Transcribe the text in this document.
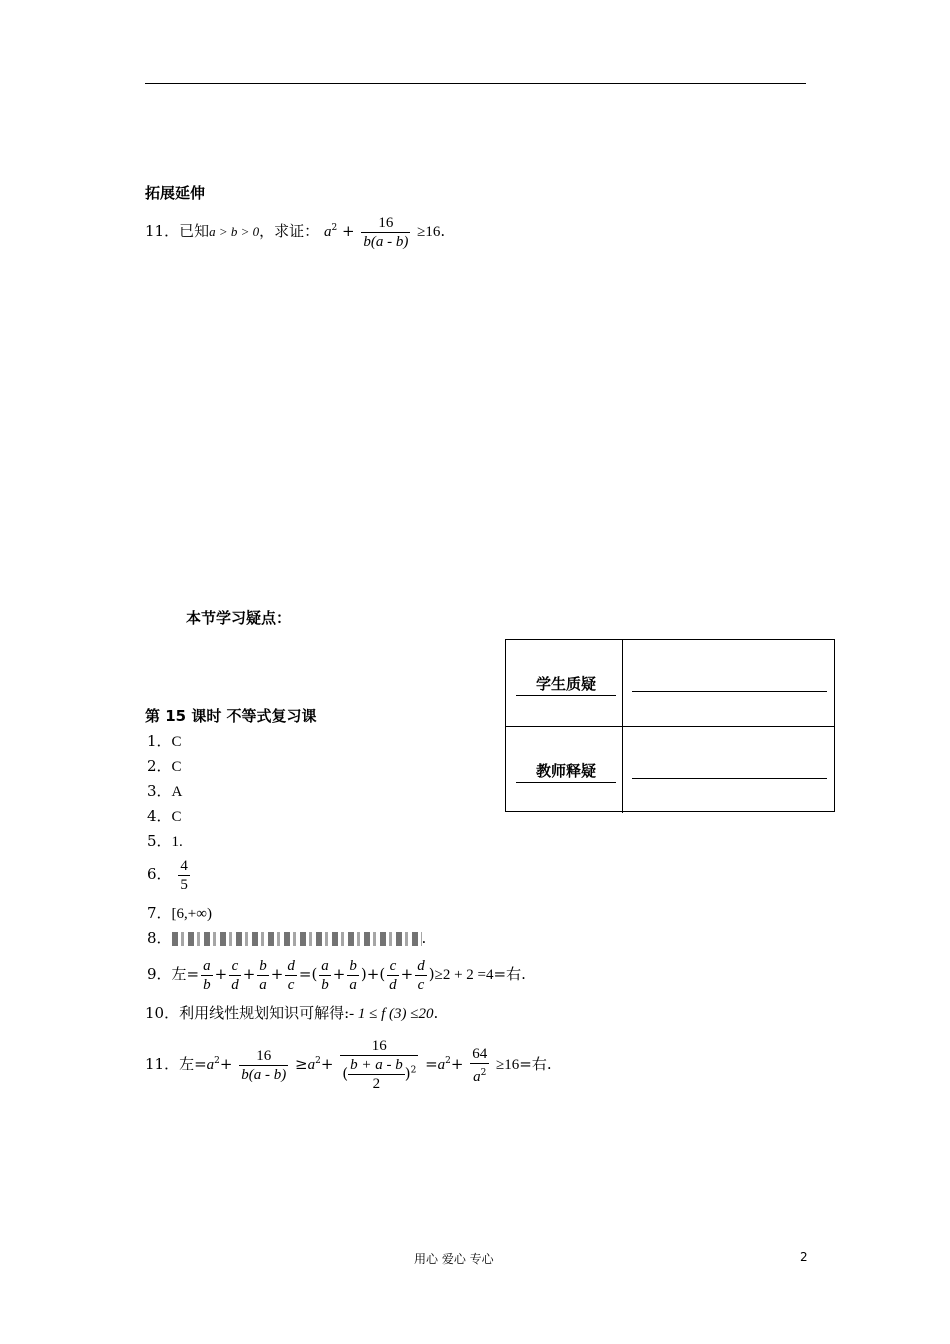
拓展延伸
11．已知a > b > 0，求证： $a^2 + \frac{16}{b(a - b)} \ge 16$.
本节学习疑点：
学生质疑
教师释疑
第 15 课时 不等式复习课
1．C
2．C
3．A
4．C
5．1.
6． $\frac{4}{5}$
7．[6,+∞)
8．	.
9．左= $\frac{a}{b} + \frac{c}{d} + \frac{b}{a} + \frac{d}{c}$ =( $\frac{a}{b} + \frac{b}{a}$ )+( $\frac{c}{d} + \frac{d}{c} )\ge 2 + 2 =4=$右.
10．利用线性规划知识可解得:- 1 ≤ f (3) ≤20.
11．左$=a^2+ \frac{16}{b(a - b)} \ge a^2+ \frac{16}{( \frac{b + a - b}{2} )^2} =a^2+ \frac{64}{a^2} \ge 16=$右.
用心 爱心 专心	2
